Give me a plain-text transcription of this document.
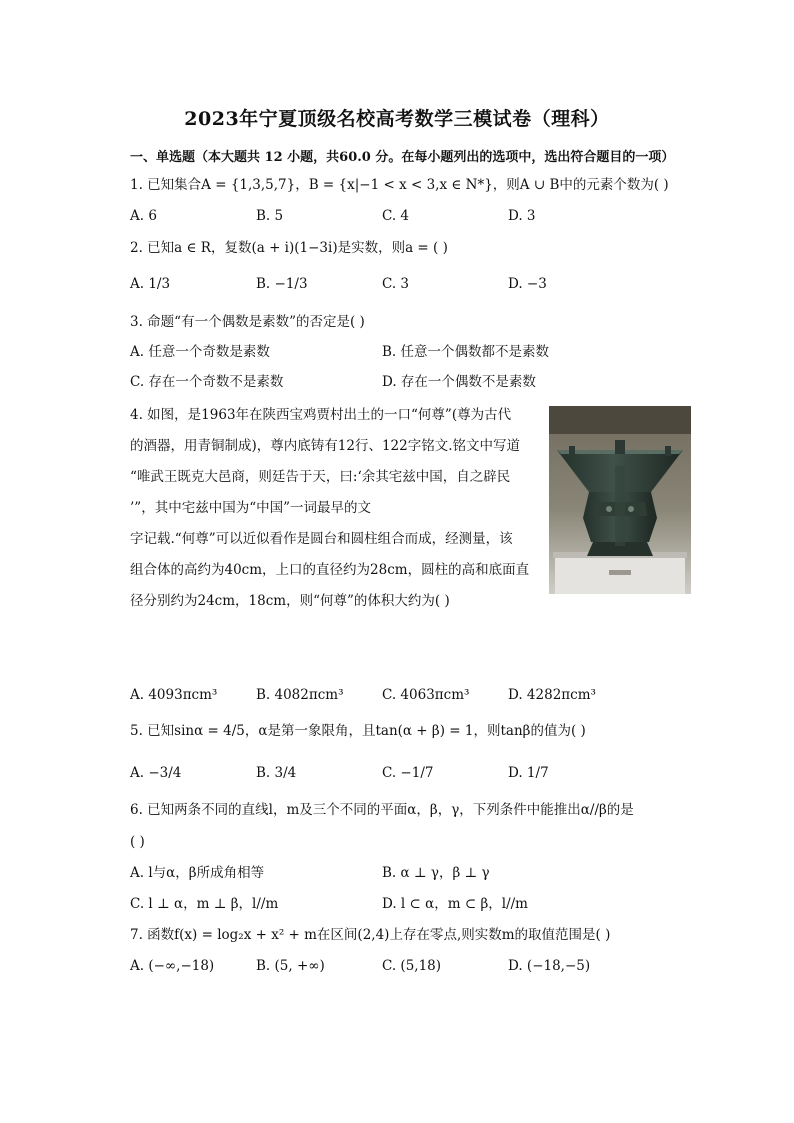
2023年宁夏顶级名校高考数学三模试卷（理科）
一、单选题（本大题共 12 小题，共60.0 分。在每小题列出的选项中，选出符合题目的一项）
1. 已知集合A = {1,3,5,7}，B = {x|−1 < x < 3,x ∈ N*}，则A ∪ B中的元素个数为( )
A. 6	B. 5	C. 4	D. 3
2. 已知a ∈ R，复数(a + i)(1−3i)是实数，则a = ( )
A. 1/3	B. −1/3	C. 3	D. −3
3. 命题“有一个偶数是素数”的否定是( )
A. 任意一个奇数是素数	B. 任意一个偶数都不是素数
C. 存在一个奇数不是素数	D. 存在一个偶数不是素数
4. 如图，是1963年在陕西宝鸡贾村出土的一口“何尊”(尊为古代
的酒器，用青铜制成)，尊内底铸有12行、122字铭文.铭文中写道
“唯武王既克大邑商，则廷告于天，曰:‘余其宅兹中国，自之辟民
’”，其中宅兹中国为“中国”一词最早的文
字记载.“何尊”可以近似看作是圆台和圆柱组合而成，经测量，该
组合体的高约为40cm，上口的直径约为28cm，圆柱的高和底面直
径分别约为24cm，18cm，则“何尊”的体积大约为( )
A. 4093πcm³	B. 4082πcm³	C. 4063πcm³	D. 4282πcm³
5. 已知sinα = 4/5，α是第一象限角，且tan(α + β) = 1，则tanβ的值为( )
A. −3/4	B. 3/4	C. −1/7	D. 1/7
6. 已知两条不同的直线l，m及三个不同的平面α，β，γ，下列条件中能推出α//β的是
( )
A. l与α，β所成角相等	B. α ⊥ γ，β ⊥ γ
C. l ⊥ α，m ⊥ β，l//m	D. l ⊂ α，m ⊂ β，l//m
7. 函数f(x) = log₂x + x² + m在区间(2,4)上存在零点,则实数m的取值范围是( )
A. (−∞,−18)	B. (5, +∞)	C. (5,18)	D. (−18,−5)
